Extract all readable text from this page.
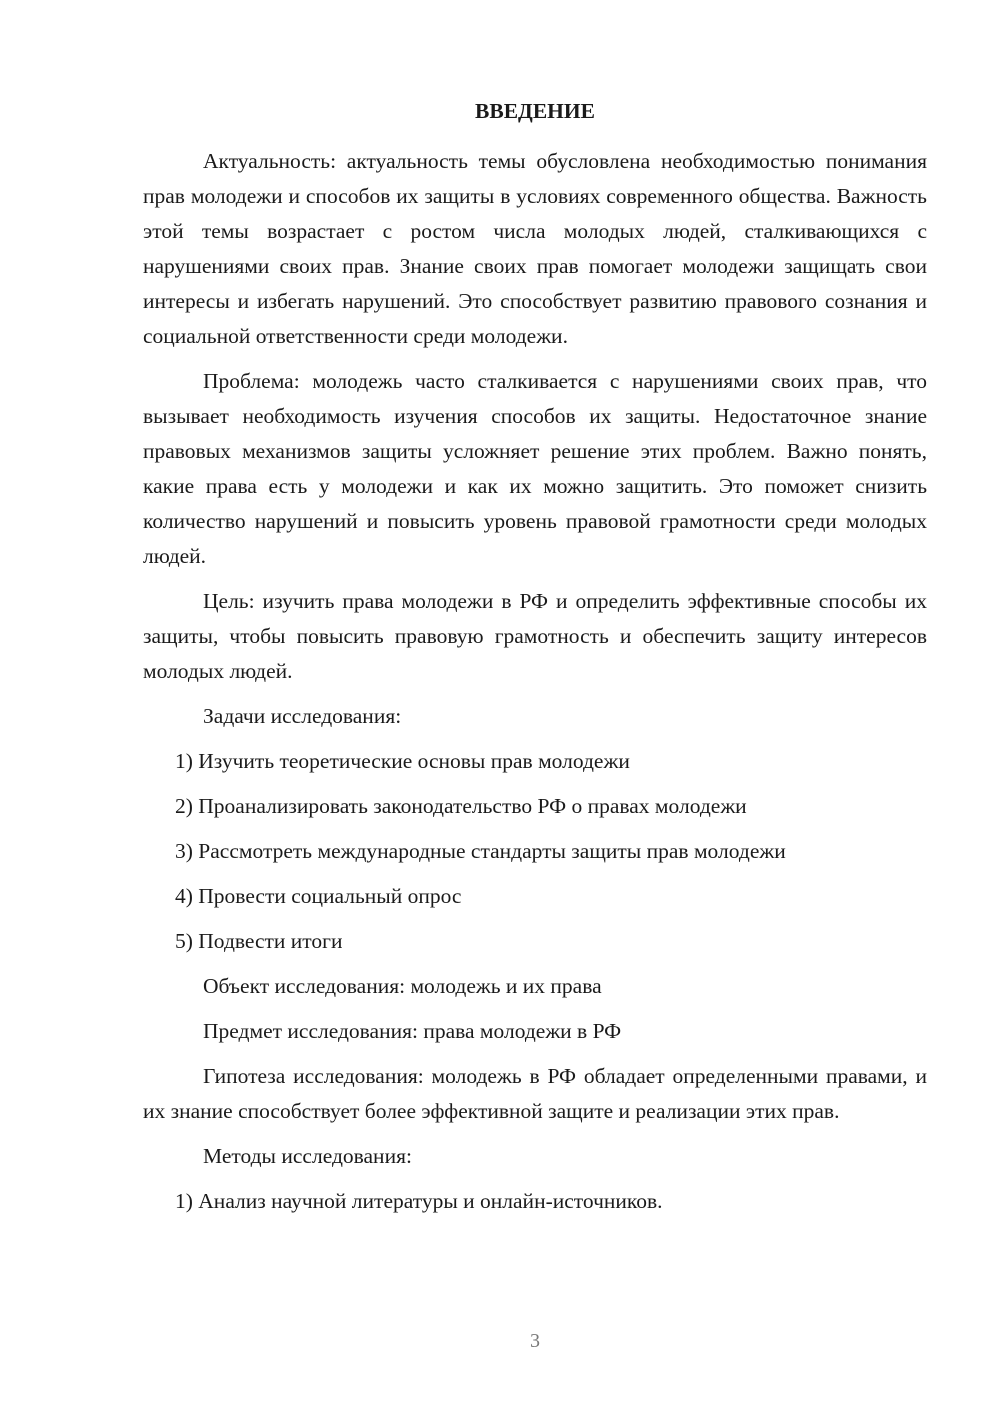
ВВЕДЕНИЕ
Актуальность: актуальность темы обусловлена необходимостью понимания прав молодежи и способов их защиты в условиях современного общества. Важность этой темы возрастает с ростом числа молодых людей, сталкивающихся с нарушениями своих прав. Знание своих прав помогает молодежи защищать свои интересы и избегать нарушений. Это способствует развитию правового сознания и социальной ответственности среди молодежи.
Проблема: молодежь часто сталкивается с нарушениями своих прав, что вызывает необходимость изучения способов их защиты. Недостаточное знание правовых механизмов защиты усложняет решение этих проблем. Важно понять, какие права есть у молодежи и как их можно защитить. Это поможет снизить количество нарушений и повысить уровень правовой грамотности среди молодых людей.
Цель: изучить права молодежи в РФ и определить эффективные способы их защиты, чтобы повысить правовую грамотность и обеспечить защиту интересов молодых людей.
Задачи исследования:
1) Изучить теоретические основы прав молодежи
2) Проанализировать законодательство РФ о правах молодежи
3) Рассмотреть международные стандарты защиты прав молодежи
4) Провести социальный опрос
5) Подвести итоги
Объект исследования: молодежь и их права
Предмет исследования: права молодежи в РФ
Гипотеза исследования: молодежь в РФ обладает определенными правами, и их знание способствует более эффективной защите и реализации этих прав.
Методы исследования:
1) Анализ научной литературы и онлайн-источников.
3
